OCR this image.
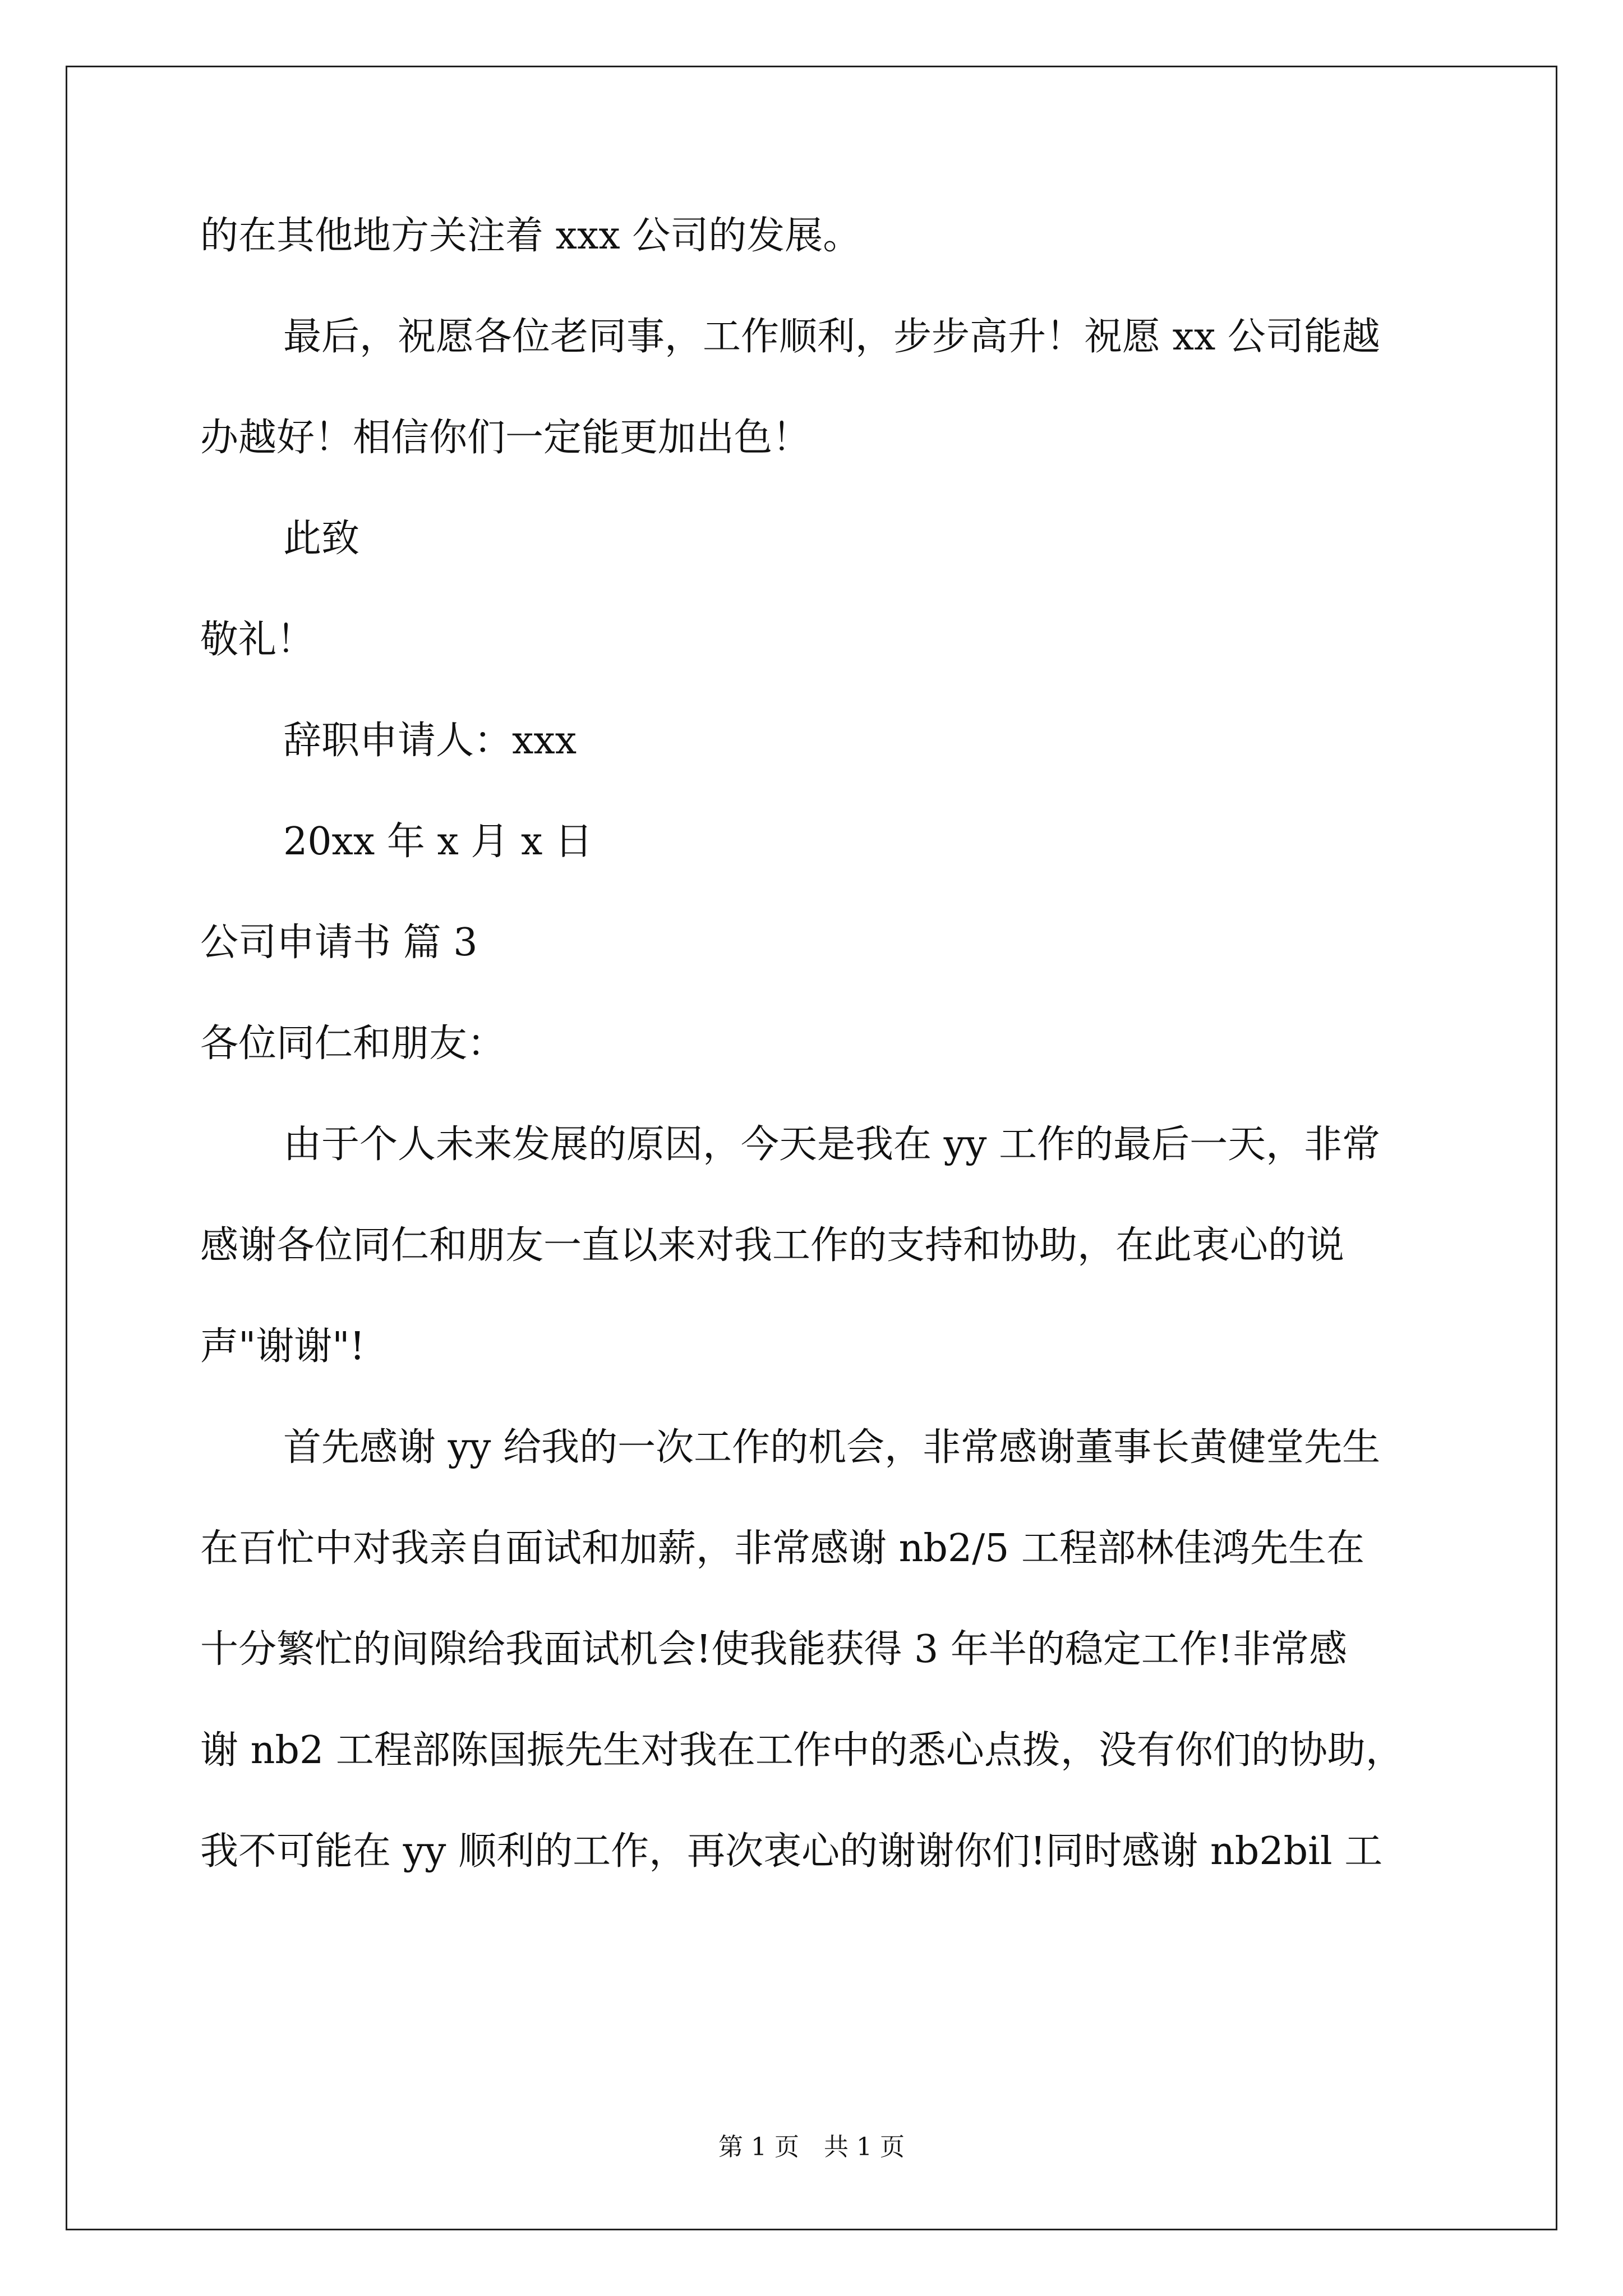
的在其他地方关注着 xxx 公司的发展。
最后，祝愿各位老同事，工作顺利，步步高升！祝愿 xx 公司能越
办越好！相信你们一定能更加出色！
此致
敬礼！
辞职申请人：xxx
20xx 年 x 月 x 日
公司申请书 篇 3
各位同仁和朋友：
由于个人未来发展的原因，今天是我在 yy 工作的最后一天，非常
感谢各位同仁和朋友一直以来对我工作的支持和协助，在此衷心的说
声"谢谢"!
首先感谢 yy 给我的一次工作的机会，非常感谢董事长黄健堂先生
在百忙中对我亲自面试和加薪，非常感谢 nb2/5 工程部林佳鸿先生在
十分繁忙的间隙给我面试机会!使我能获得 3 年半的稳定工作!非常感
谢 nb2 工程部陈国振先生对我在工作中的悉心点拨，没有你们的协助，
我不可能在 yy 顺利的工作，再次衷心的谢谢你们!同时感谢 nb2bil 工
第 1 页　共 1 页
